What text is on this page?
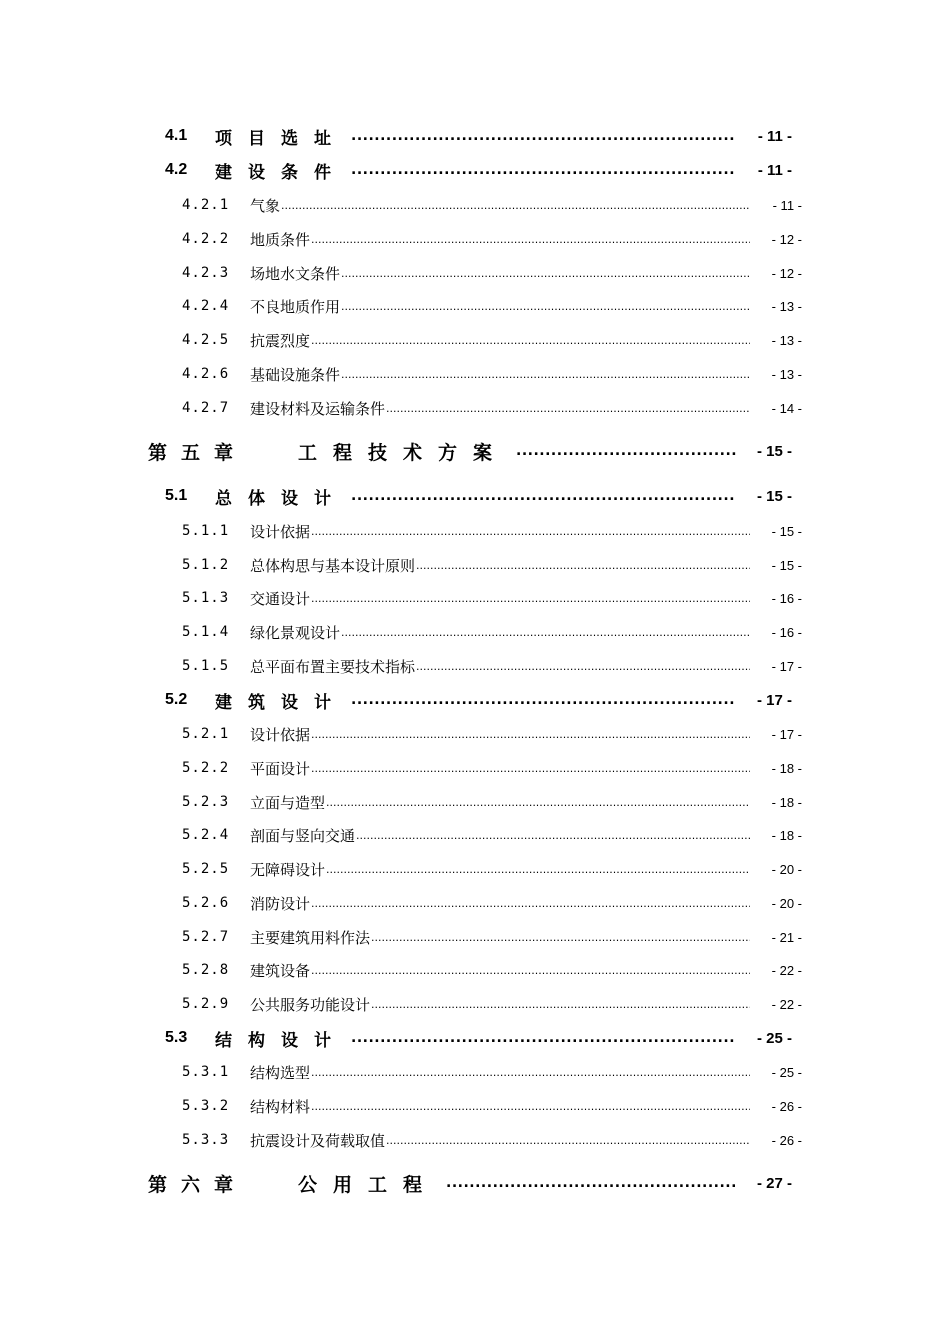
4.1	项目选址 .....	- 11 -
4.2	建设条件 .....	- 11 -
4.2.1	气象 .....	- 11 -
4.2.2	地质条件 .....	- 12 -
4.2.3	场地水文条件 .....	- 12 -
4.2.4	不良地质作用 .....	- 13 -
4.2.5	抗震烈度 .....	- 13 -
4.2.6	基础设施条件 .....	- 13 -
4.2.7	建设材料及运输条件 .....	- 14 -
第五章	工程技术方案 .....	- 15 -
5.1	总体设计 .....	- 15 -
5.1.1	设计依据 .....	- 15 -
5.1.2	总体构思与基本设计原则 .....	- 15 -
5.1.3	交通设计 .....	- 16 -
5.1.4	绿化景观设计 .....	- 16 -
5.1.5	总平面布置主要技术指标 .....	- 17 -
5.2	建筑设计 .....	- 17 -
5.2.1	设计依据 .....	- 17 -
5.2.2	平面设计 .....	- 18 -
5.2.3	立面与造型 .....	- 18 -
5.2.4	剖面与竖向交通 .....	- 18 -
5.2.5	无障碍设计 .....	- 20 -
5.2.6	消防设计 .....	- 20 -
5.2.7	主要建筑用料作法 .....	- 21 -
5.2.8	建筑设备 .....	- 22 -
5.2.9	公共服务功能设计 .....	- 22 -
5.3	结构设计 .....	- 25 -
5.3.1	结构选型 .....	- 25 -
5.3.2	结构材料 .....	- 26 -
5.3.3	抗震设计及荷载取值 .....	- 26 -
第六章	公用工程 .....	- 27 -
